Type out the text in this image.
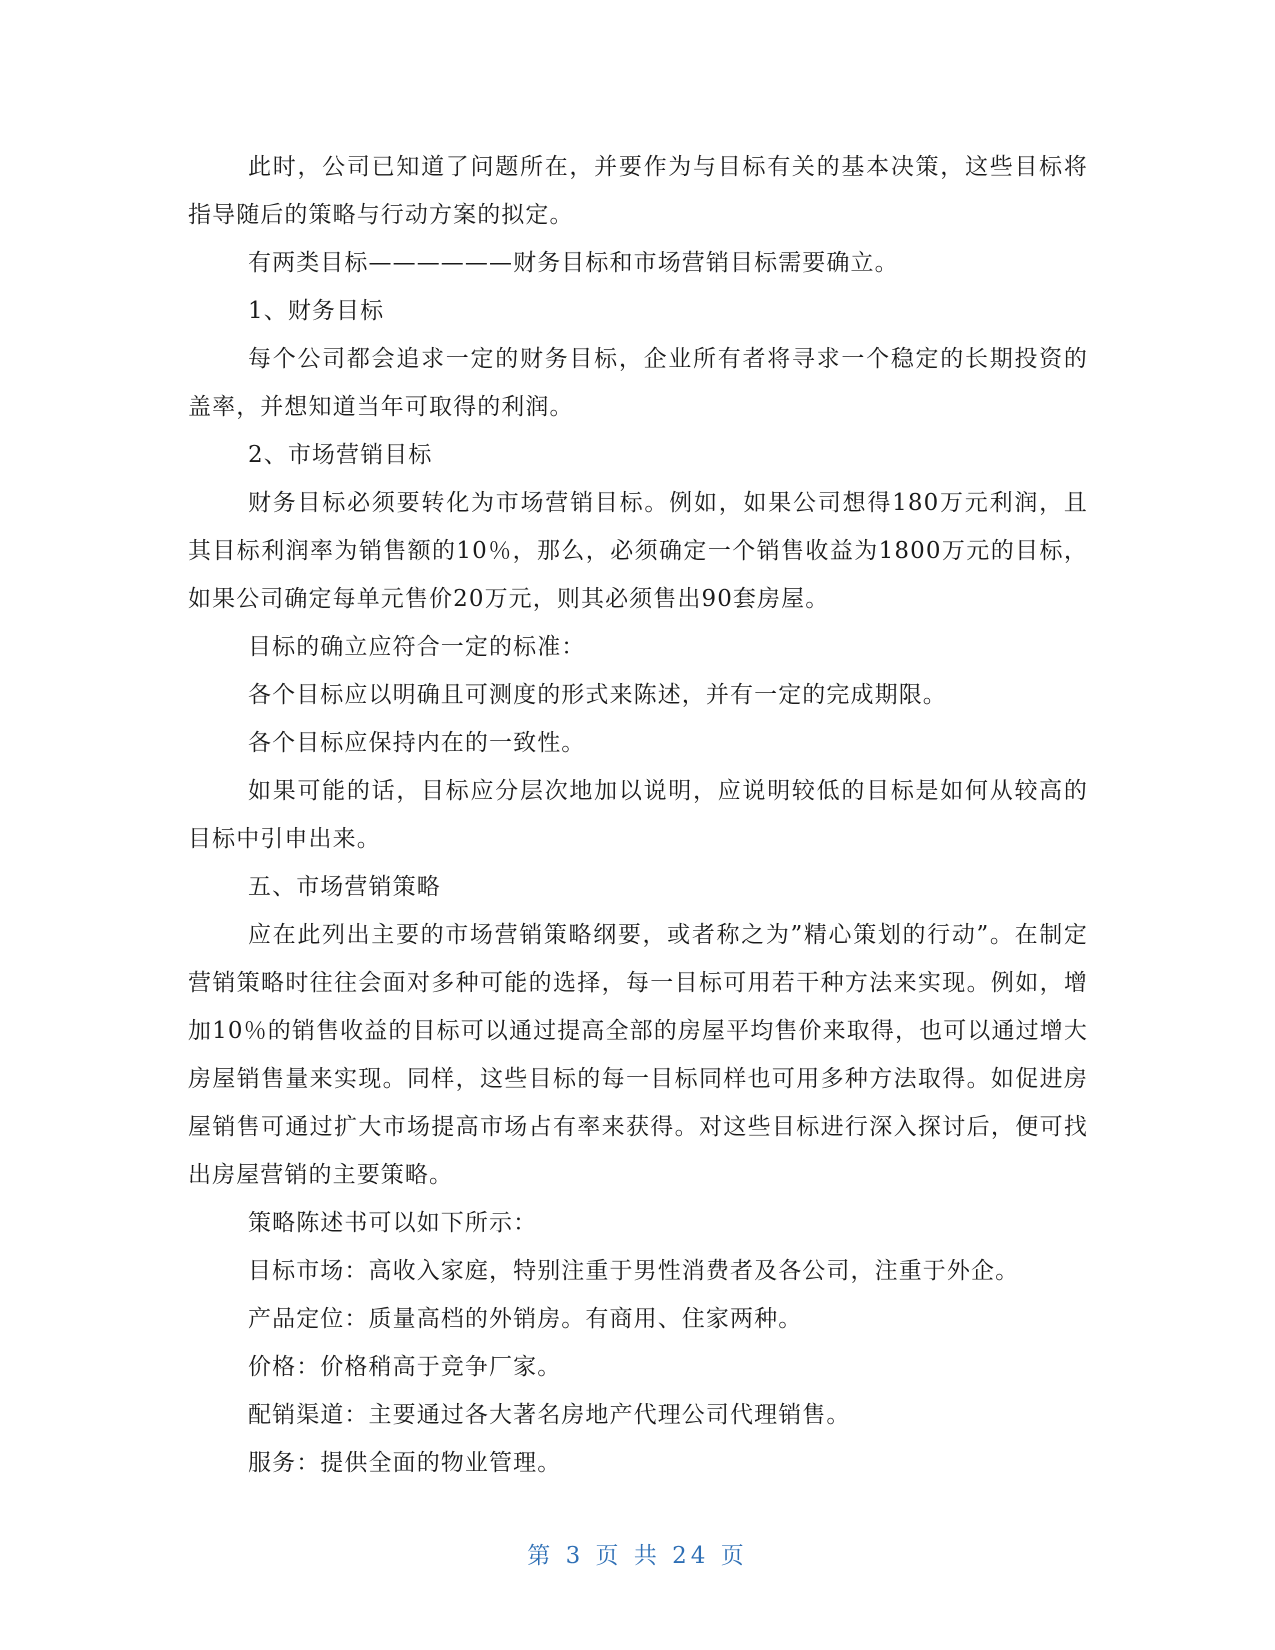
此时，公司已知道了问题所在，并要作为与目标有关的基本决策，这些目标将指导随后的策略与行动方案的拟定。

有两类目标——————财务目标和市场营销目标需要确立。

1、财务目标

每个公司都会追求一定的财务目标，企业所有者将寻求一个稳定的长期投资的盖率，并想知道当年可取得的利润。

2、市场营销目标

财务目标必须要转化为市场营销目标。例如，如果公司想得180万元利润，且其目标利润率为销售额的10％，那么，必须确定一个销售收益为1800万元的目标，如果公司确定每单元售价20万元，则其必须售出90套房屋。

目标的确立应符合一定的标准：

各个目标应以明确且可测度的形式来陈述，并有一定的完成期限。

各个目标应保持内在的一致性。

如果可能的话，目标应分层次地加以说明，应说明较低的目标是如何从较高的目标中引申出来。

五、市场营销策略

应在此列出主要的市场营销策略纲要，或者称之为”精心策划的行动”。在制定营销策略时往往会面对多种可能的选择，每一目标可用若干种方法来实现。例如，增加10％的销售收益的目标可以通过提高全部的房屋平均售价来取得，也可以通过增大房屋销售量来实现。同样，这些目标的每一目标同样也可用多种方法取得。如促进房屋销售可通过扩大市场提高市场占有率来获得。对这些目标进行深入探讨后，便可找出房屋营销的主要策略。

策略陈述书可以如下所示：

目标市场：高收入家庭，特别注重于男性消费者及各公司，注重于外企。

产品定位：质量高档的外销房。有商用、住家两种。

价格：价格稍高于竞争厂家。

配销渠道：主要通过各大著名房地产代理公司代理销售。

服务：提供全面的物业管理。

第 3 页 共 24 页
